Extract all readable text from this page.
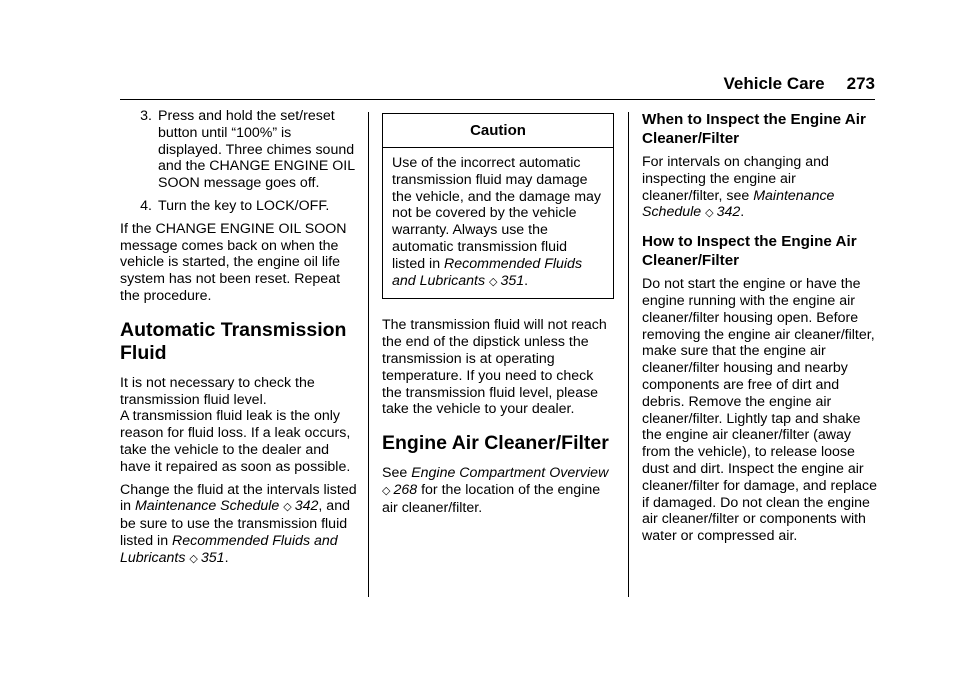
Vehicle Care 273
3. Press and hold the set/reset button until “100%” is displayed. Three chimes sound and the CHANGE ENGINE OIL SOON message goes off.
4. Turn the key to LOCK/OFF.

If the CHANGE ENGINE OIL SOON message comes back on when the vehicle is started, the engine oil life system has not been reset. Repeat the procedure.

Automatic Transmission Fluid

It is not necessary to check the transmission fluid level.

A transmission fluid leak is the only reason for fluid loss. If a leak occurs, take the vehicle to the dealer and have it repaired as soon as possible.

Change the fluid at the intervals listed in Maintenance Schedule ◇ 342, and be sure to use the transmission fluid listed in Recommended Fluids and Lubricants ◇ 351.

Caution
Use of the incorrect automatic transmission fluid may damage the vehicle, and the damage may not be covered by the vehicle warranty. Always use the automatic transmission fluid listed in Recommended Fluids and Lubricants ◇ 351.

The transmission fluid will not reach the end of the dipstick unless the transmission is at operating temperature. If you need to check the transmission fluid level, please take the vehicle to your dealer.

Engine Air Cleaner/Filter

See Engine Compartment Overview ◇ 268 for the location of the engine air cleaner/filter.

When to Inspect the Engine Air Cleaner/Filter

For intervals on changing and inspecting the engine air cleaner/filter, see Maintenance Schedule ◇ 342.

How to Inspect the Engine Air Cleaner/Filter

Do not start the engine or have the engine running with the engine air cleaner/filter housing open. Before removing the engine air cleaner/filter, make sure that the engine air cleaner/filter housing and nearby components are free of dirt and debris. Remove the engine air cleaner/filter. Lightly tap and shake the engine air cleaner/filter (away from the vehicle), to release loose dust and dirt. Inspect the engine air cleaner/filter for damage, and replace if damaged. Do not clean the engine air cleaner/filter or components with water or compressed air.
